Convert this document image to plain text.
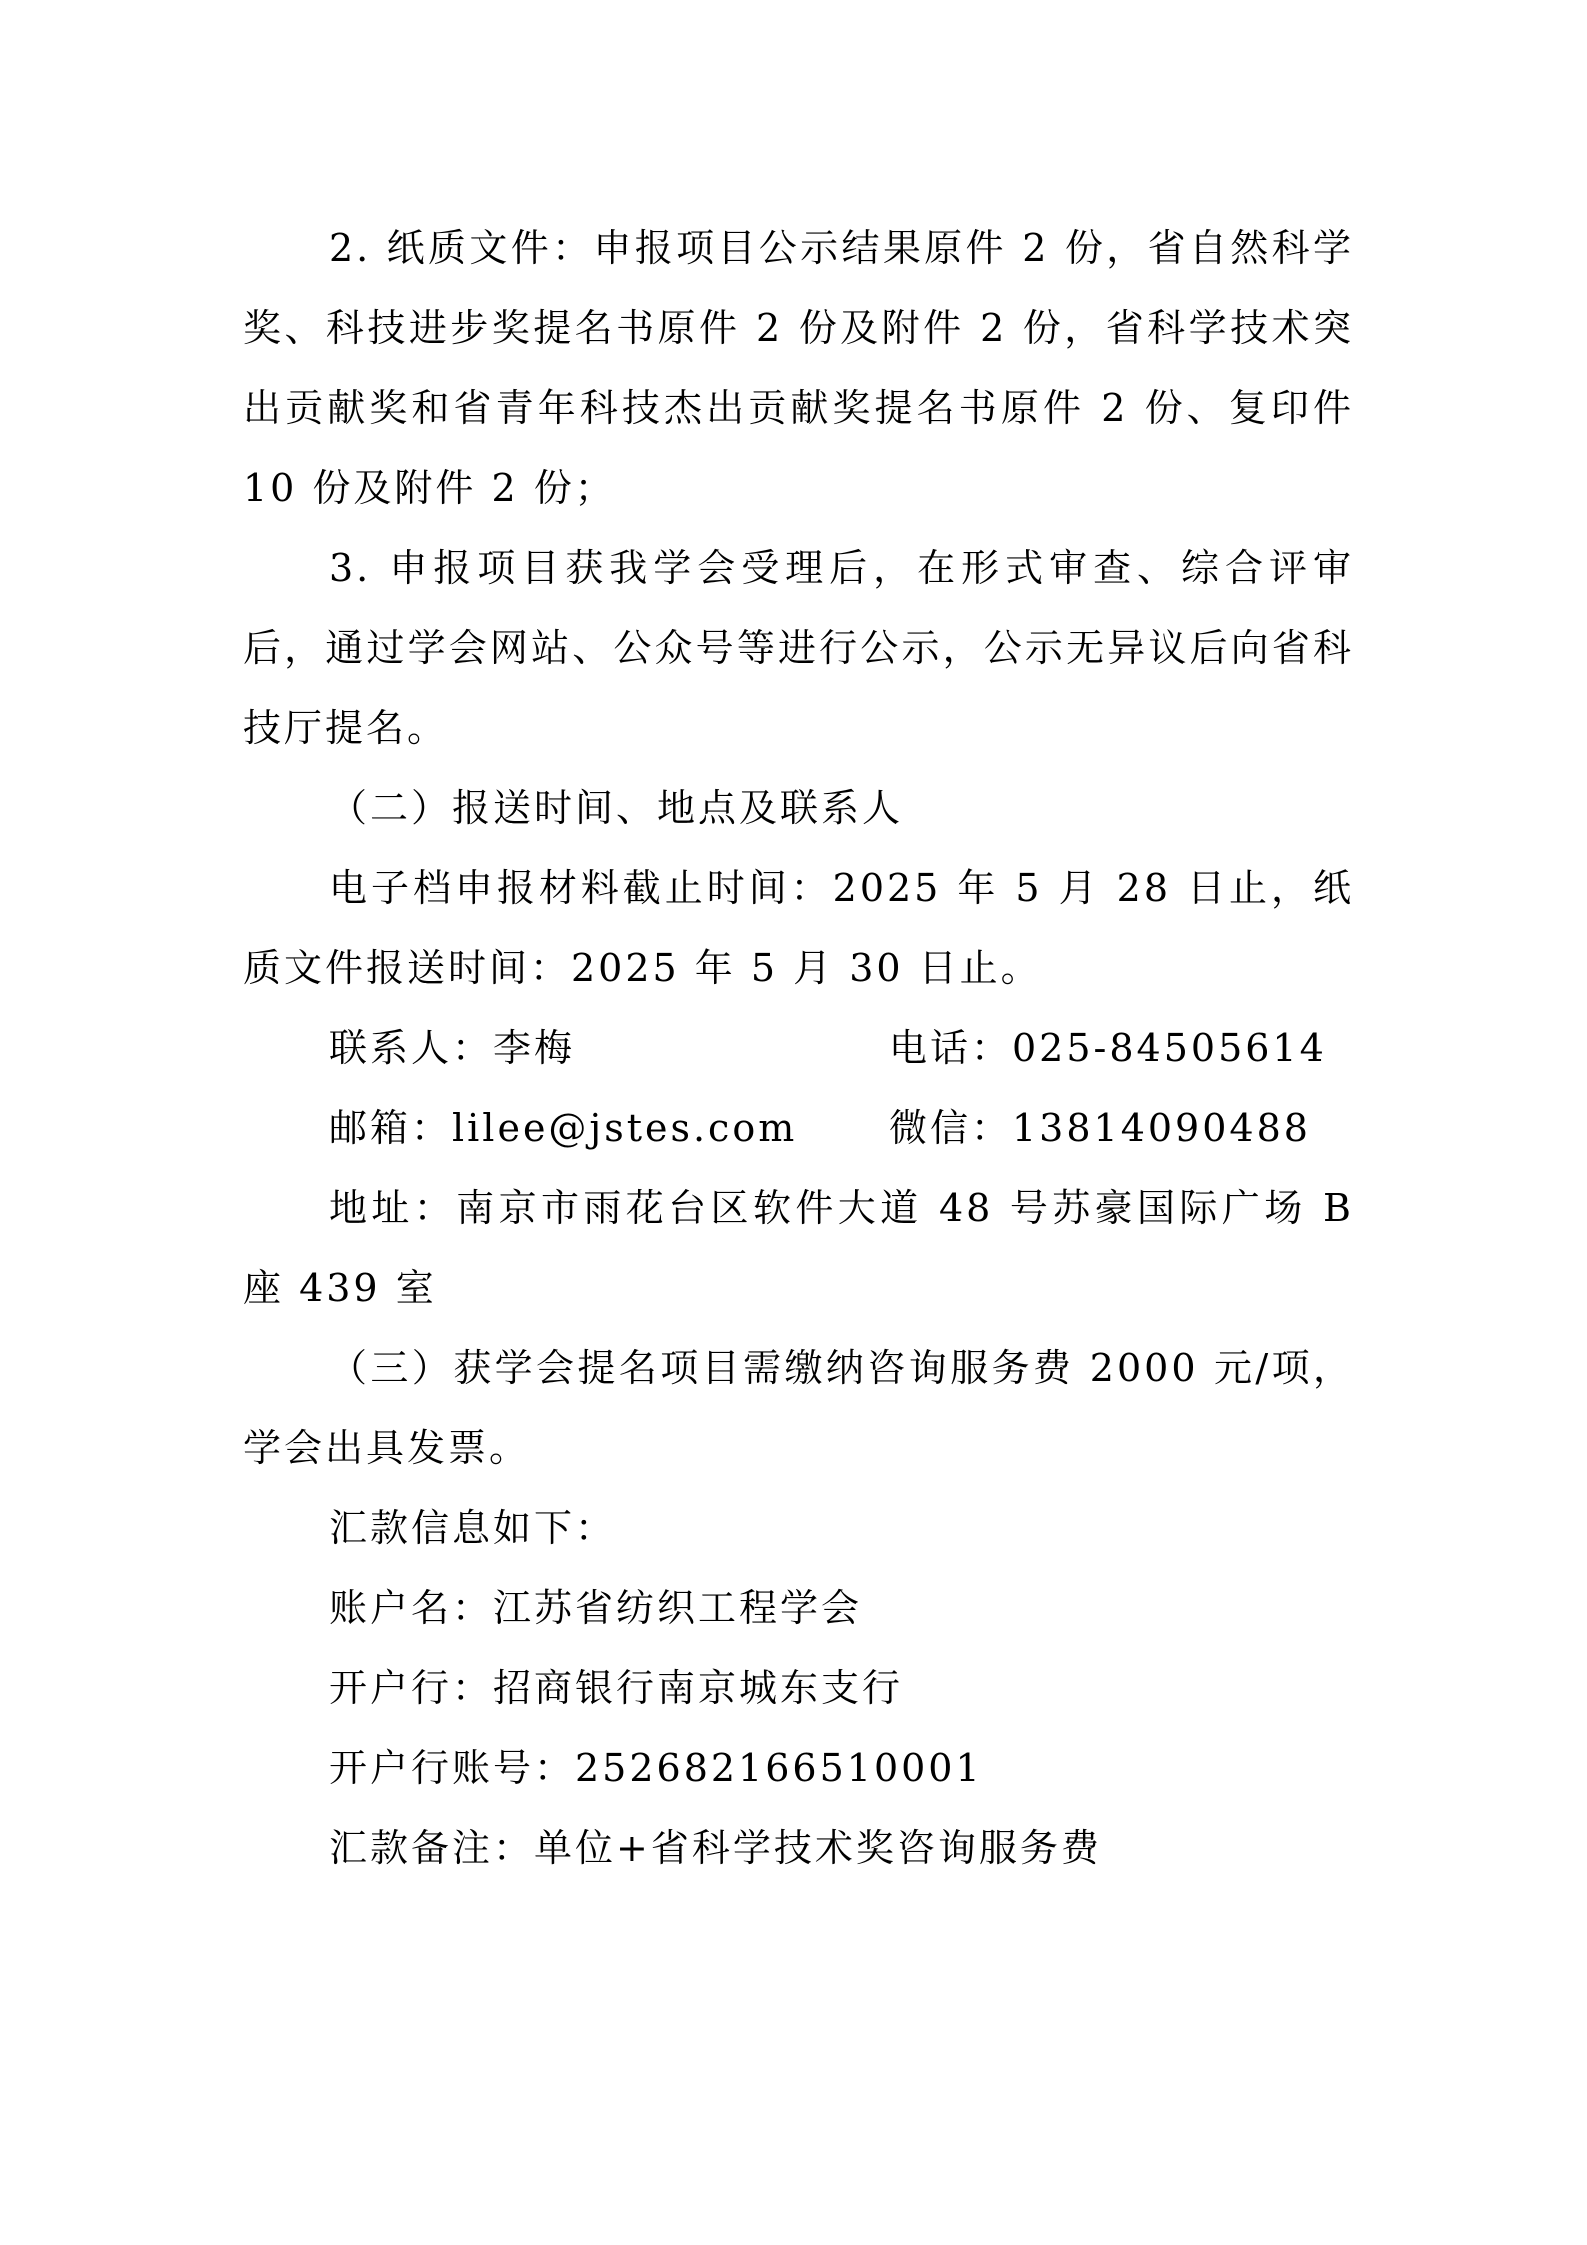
2. 纸质文件：申报项目公示结果原件 2 份，省自然科学奖、科技进步奖提名书原件 2 份及附件 2 份，省科学技术突出贡献奖和省青年科技杰出贡献奖提名书原件 2 份、复印件 10 份及附件 2 份；

3. 申报项目获我学会受理后，在形式审查、综合评审后，通过学会网站、公众号等进行公示，公示无异议后向省科技厅提名。

（二）报送时间、地点及联系人

电子档申报材料截止时间：2025 年 5 月 28 日止，纸质文件报送时间：2025 年 5 月 30 日止。

联系人：李梅	电话：025-84505614
邮箱：lilee@jstes.com	微信：13814090488

地址：南京市雨花台区软件大道 48 号苏豪国际广场 B 座 439 室

（三）获学会提名项目需缴纳咨询服务费 2000 元/项，学会出具发票。

汇款信息如下：

账户名：江苏省纺织工程学会

开户行：招商银行南京城东支行

开户行账号：252682166510001

汇款备注：单位+省科学技术奖咨询服务费
